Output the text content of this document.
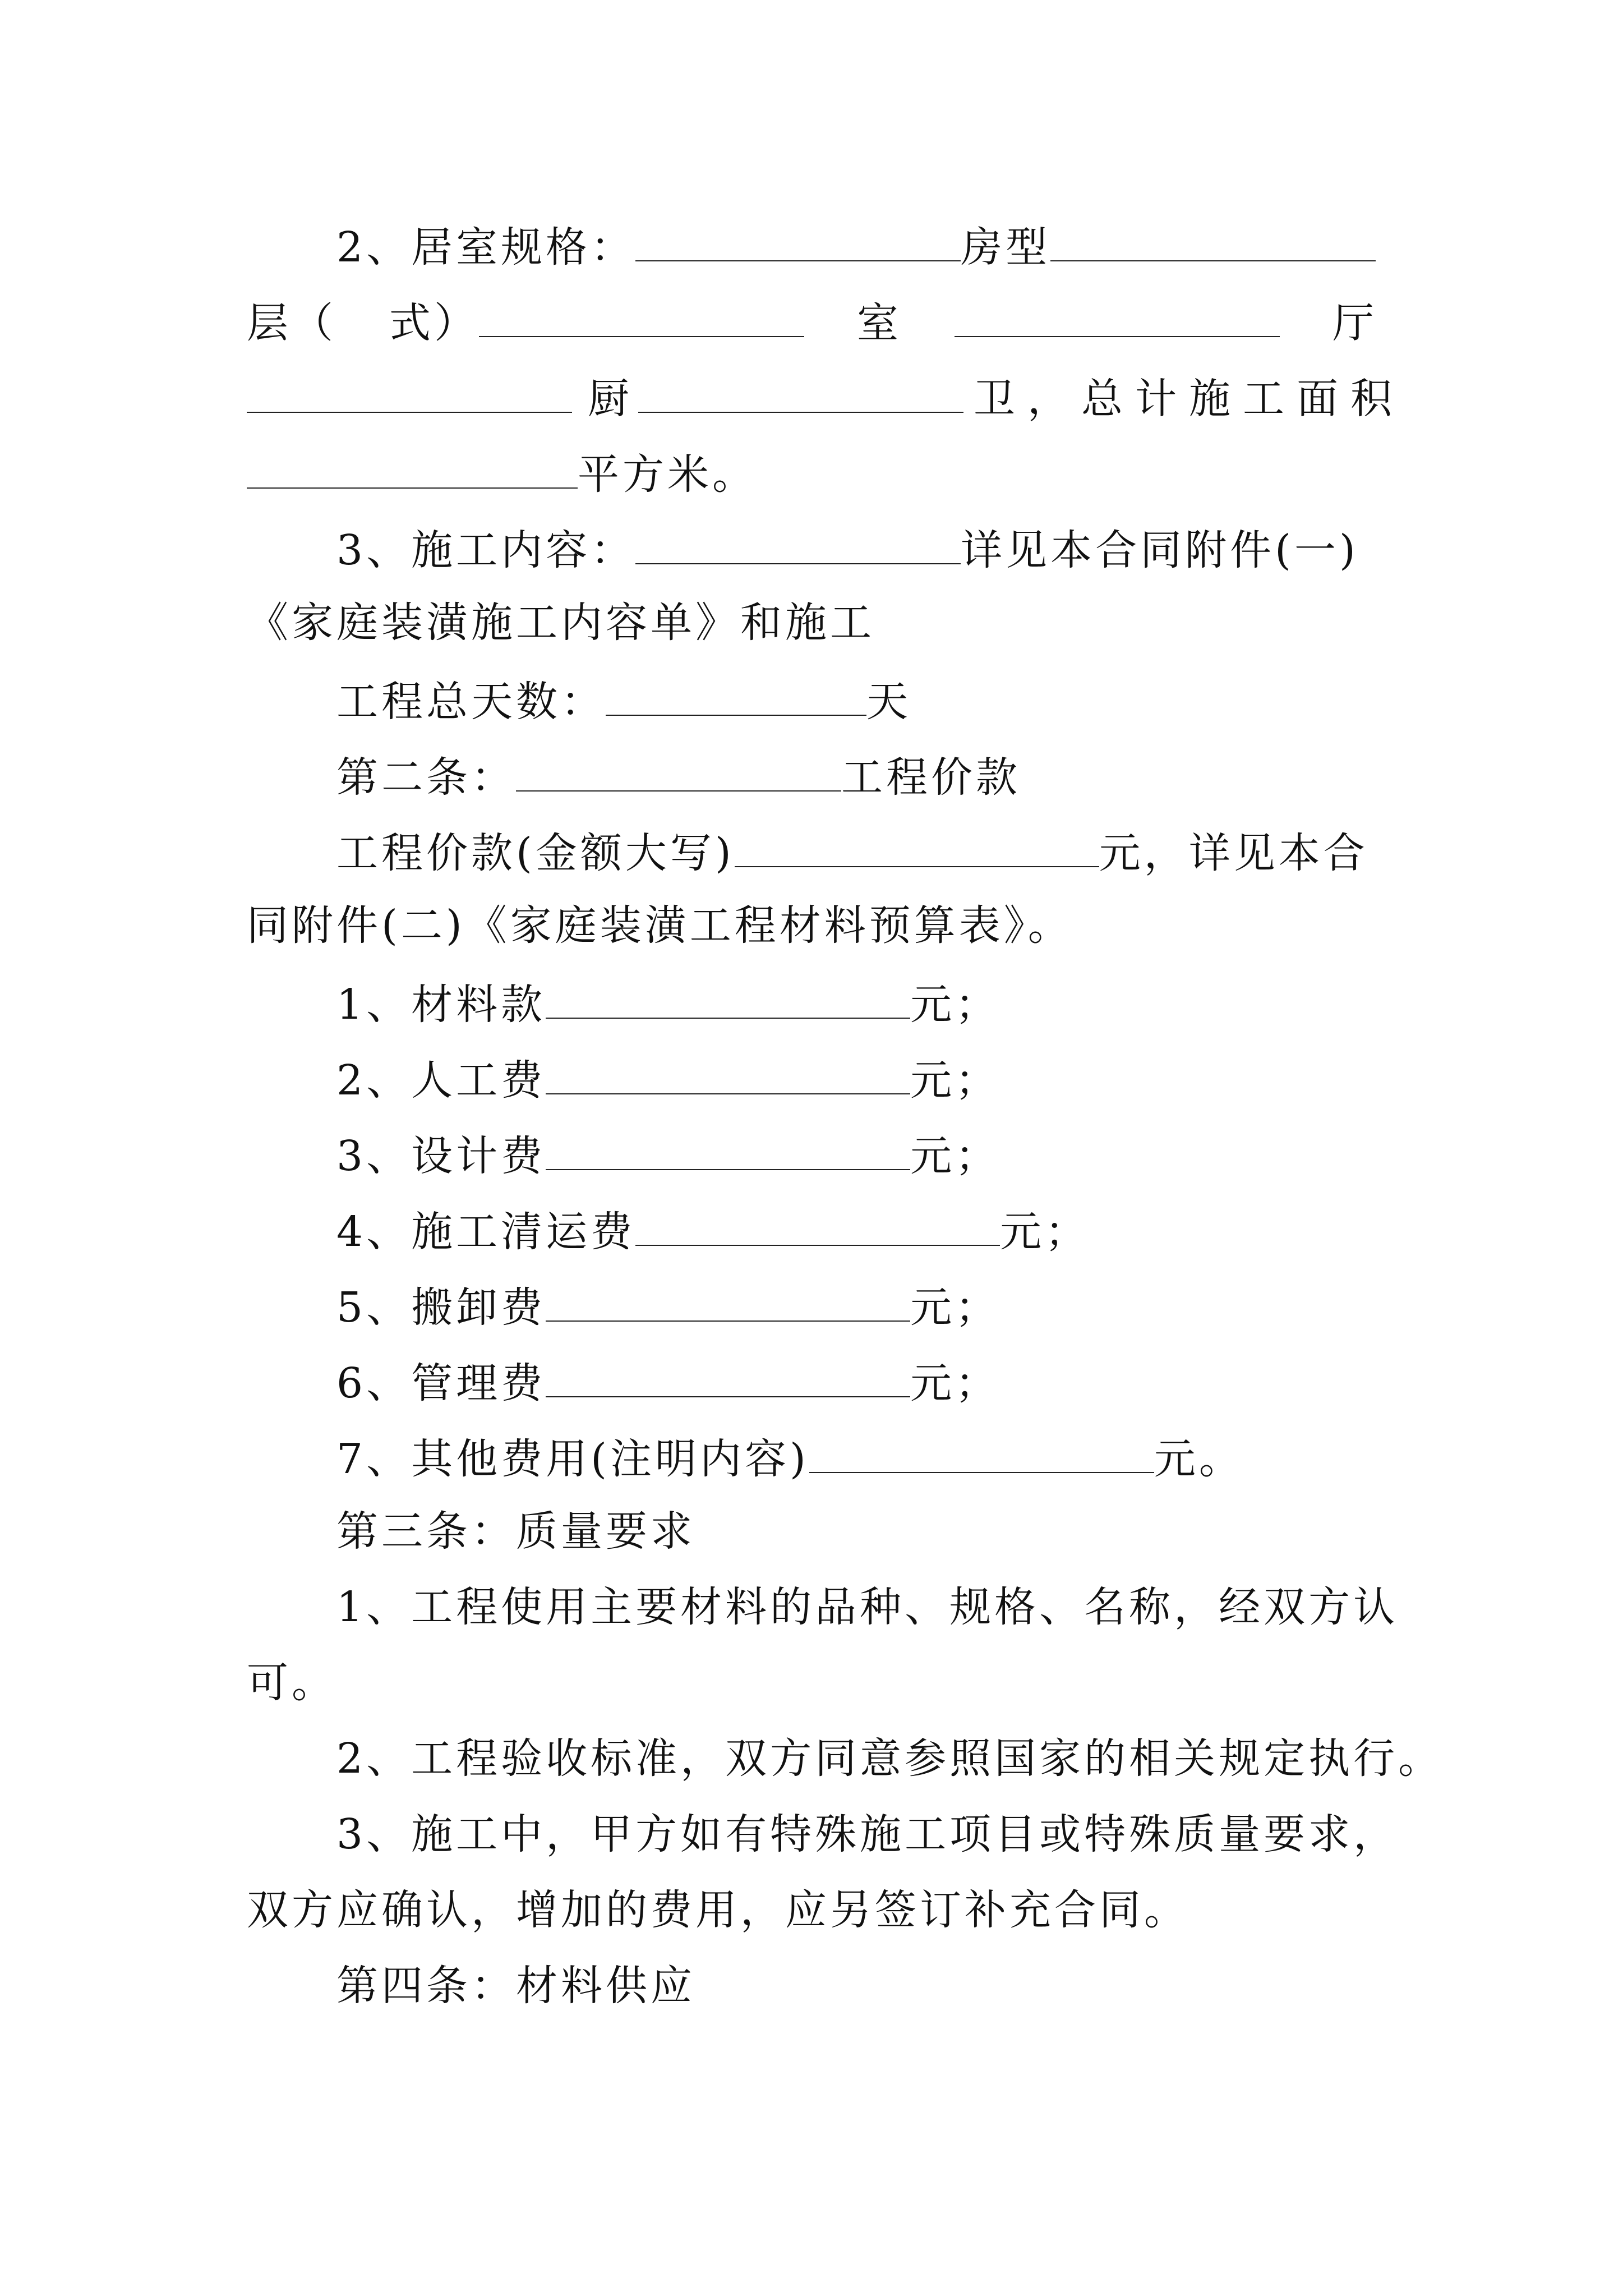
2、居室规格：	房型
层（ 式）	室	厅
厨	卫，总计施工面积
平方米。
3、施工内容：	详见本合同附件(一)
《家庭装潢施工内容单》和施工
工程总天数：	天
第二条：	工程价款
工程价款(金额大写)	元，详见本合
同附件(二)《家庭装潢工程材料预算表》。
1、材料款	元；
2、人工费	元；
3、设计费	元；
4、施工清运费	元；
5、搬卸费	元；
6、管理费	元；
7、其他费用(注明内容)	元。
第三条：质量要求
1、工程使用主要材料的品种、规格、名称，经双方认
可。
2、工程验收标准，双方同意参照国家的相关规定执行。
3、施工中，甲方如有特殊施工项目或特殊质量要求，
双方应确认，增加的费用，应另签订补充合同。
第四条：材料供应
